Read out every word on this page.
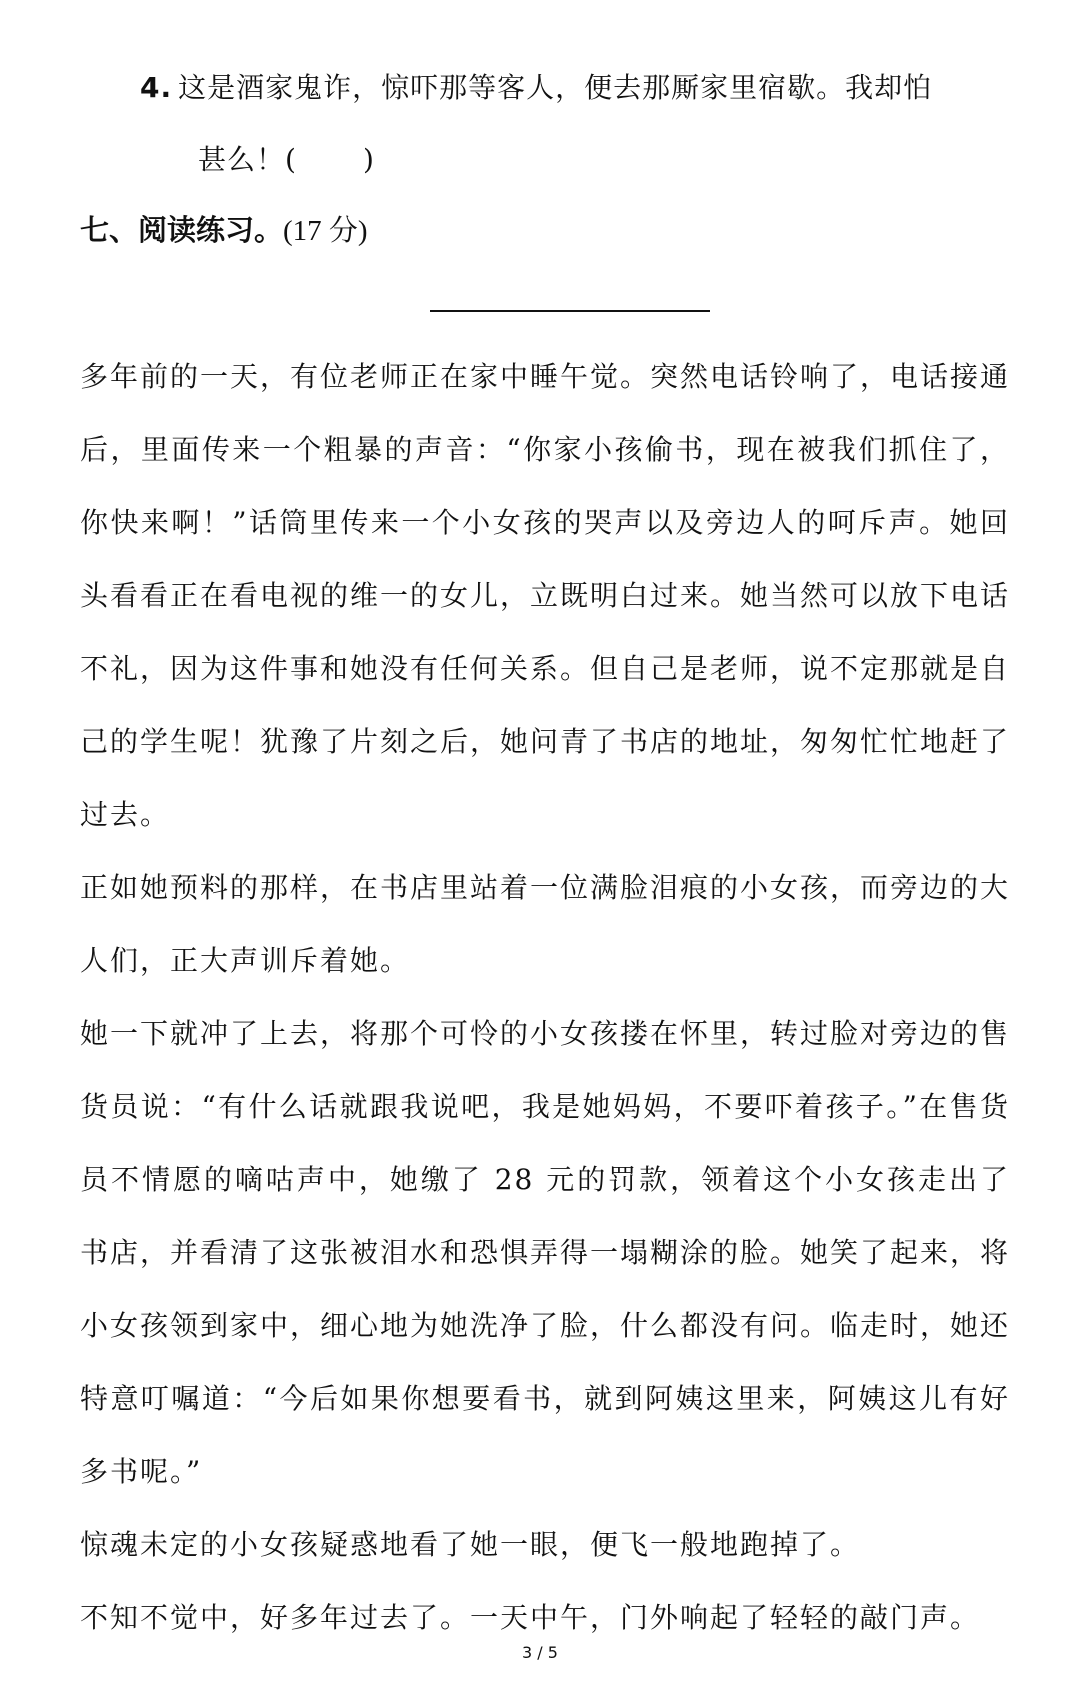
4. 这是酒家鬼诈，惊吓那等客人，便去那厮家里宿歇。我却怕
甚么！( )
七、阅读练习。(17 分)

多年前的一天，有位老师正在家中睡午觉。突然电话铃响了，电话接通后，里面传来一个粗暴的声音：“你家小孩偷书，现在被我们抓住了，你快来啊！”话筒里传来一个小女孩的哭声以及旁边人的呵斥声。她回头看看正在看电视的维一的女儿，立既明白过来。她当然可以放下电话不礼，因为这件事和她没有任何关系。但自己是老师，说不定那就是自己的学生呢！犹豫了片刻之后，她问青了书店的地址，匆匆忙忙地赶了过去。

正如她预料的那样，在书店里站着一位满脸泪痕的小女孩，而旁边的大人们，正大声训斥着她。

她一下就冲了上去，将那个可怜的小女孩搂在怀里，转过脸对旁边的售货员说：“有什么话就跟我说吧，我是她妈妈，不要吓着孩子。”在售货员不情愿的嘀咕声中，她缴了 28 元的罚款，领着这个小女孩走出了书店，并看清了这张被泪水和恐惧弄得一塌糊涂的脸。她笑了起来，将小女孩领到家中，细心地为她洗净了脸，什么都没有问。临走时，她还特意叮嘱道：“今后如果你想要看书，就到阿姨这里来，阿姨这儿有好多书呢。”

惊魂未定的小女孩疑惑地看了她一眼，便飞一般地跑掉了。

不知不觉中，好多年过去了。一天中午，门外响起了轻轻的敲门声。

3 / 5
